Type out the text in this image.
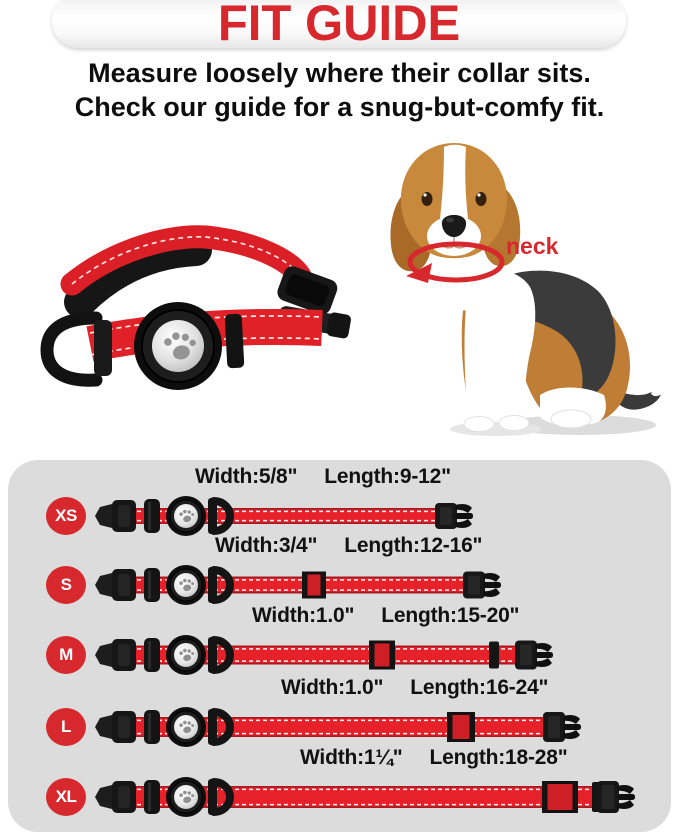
FIT GUIDE
Measure loosely where their collar sits.
Check our guide for a snug-but-comfy fit.
neck
XS
Width:5/8" Length:9-12"
S
Width:3/4" Length:12-16"
M
Width:1.0" Length:15-20"
L
Width:1.0" Length:16-24"
XL
Width:1¼" Length:18-28"
